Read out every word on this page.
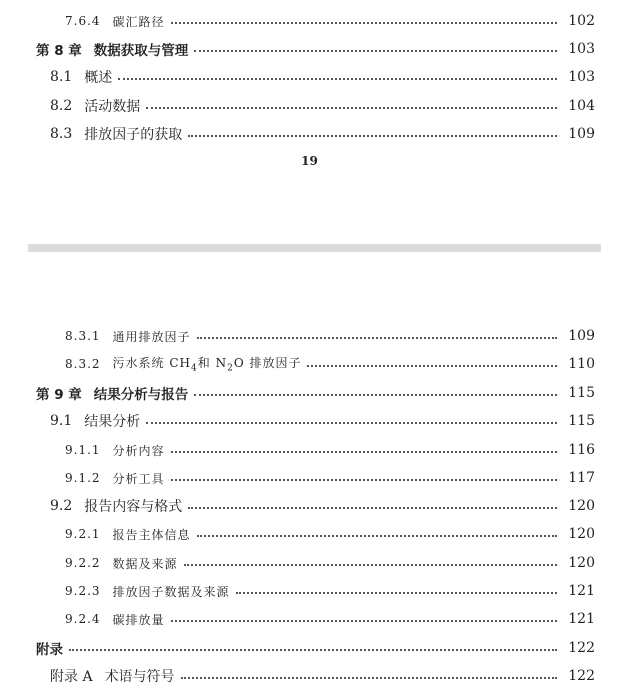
7.6.4 碳汇路径	102
第 8 章 数据获取与管理	103
8.1 概述	103
8.2 活动数据	104
8.3 排放因子的获取	109
19
8.3.1 通用排放因子	109
8.3.2 污水系统 $CH_4$和 $N_2O$ 排放因子	110
第 9 章 结果分析与报告	115
9.1 结果分析	115
9.1.1 分析内容	116
9.1.2 分析工具	117
9.2 报告内容与格式	120
9.2.1 报告主体信息	120
9.2.2 数据及来源	120
9.2.3 排放因子数据及来源	121
9.2.4 碳排放量	121
附录	122
附录 A 术语与符号	122
